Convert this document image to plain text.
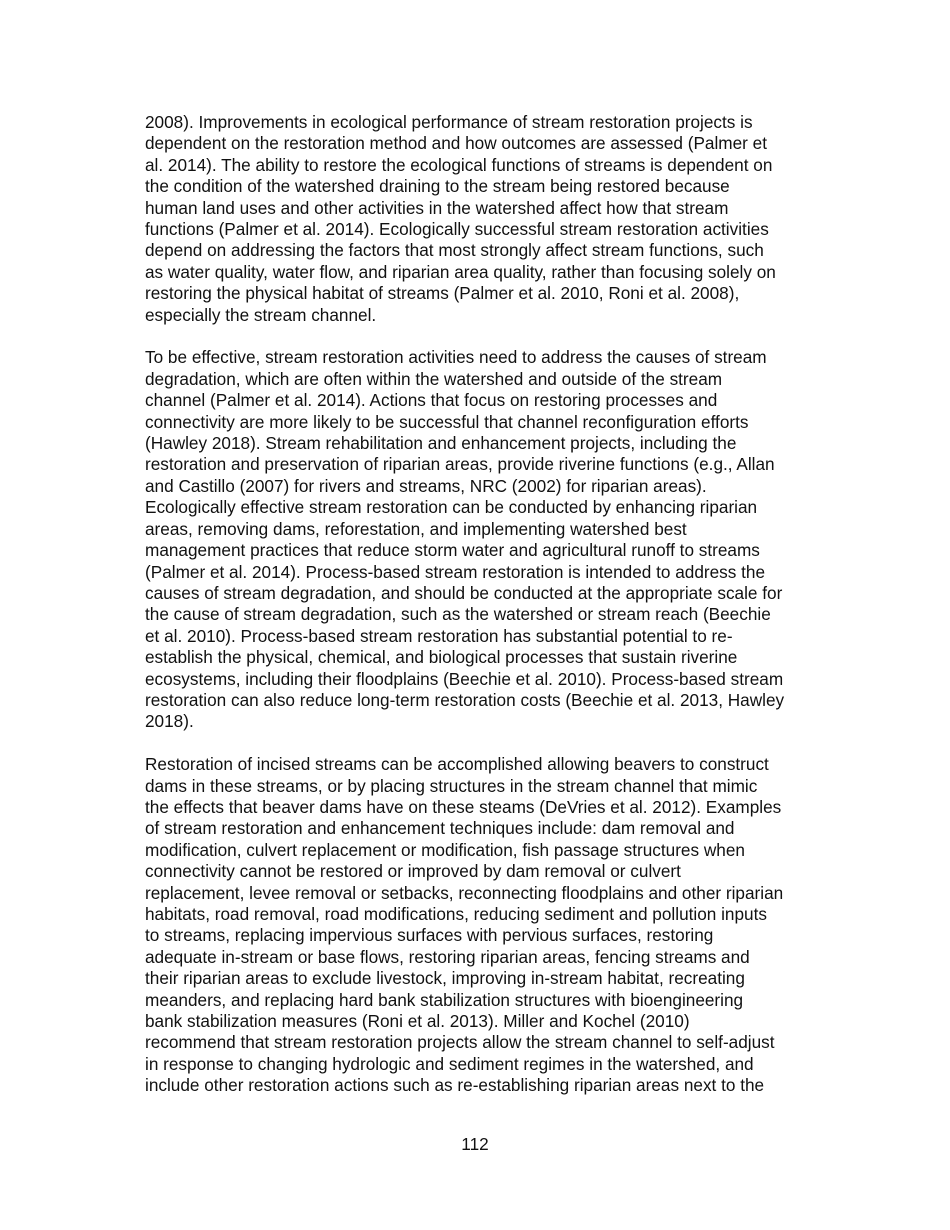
2008). Improvements in ecological performance of stream restoration projects is
dependent on the restoration method and how outcomes are assessed (Palmer et
al. 2014). The ability to restore the ecological functions of streams is dependent on
the condition of the watershed draining to the stream being restored because
human land uses and other activities in the watershed affect how that stream
functions (Palmer et al. 2014). Ecologically successful stream restoration activities
depend on addressing the factors that most strongly affect stream functions, such
as water quality, water flow, and riparian area quality, rather than focusing solely on
restoring the physical habitat of streams (Palmer et al. 2010, Roni et al. 2008),
especially the stream channel.
To be effective, stream restoration activities need to address the causes of stream
degradation, which are often within the watershed and outside of the stream
channel (Palmer et al. 2014). Actions that focus on restoring processes and
connectivity are more likely to be successful that channel reconfiguration efforts
(Hawley 2018). Stream rehabilitation and enhancement projects, including the
restoration and preservation of riparian areas, provide riverine functions (e.g., Allan
and Castillo (2007) for rivers and streams, NRC (2002) for riparian areas).
Ecologically effective stream restoration can be conducted by enhancing riparian
areas, removing dams, reforestation, and implementing watershed best
management practices that reduce storm water and agricultural runoff to streams
(Palmer et al. 2014). Process-based stream restoration is intended to address the
causes of stream degradation, and should be conducted at the appropriate scale for
the cause of stream degradation, such as the watershed or stream reach (Beechie
et al. 2010). Process-based stream restoration has substantial potential to re-
establish the physical, chemical, and biological processes that sustain riverine
ecosystems, including their floodplains (Beechie et al. 2010). Process-based stream
restoration can also reduce long-term restoration costs (Beechie et al. 2013, Hawley
2018).
Restoration of incised streams can be accomplished allowing beavers to construct
dams in these streams, or by placing structures in the stream channel that mimic
the effects that beaver dams have on these steams (DeVries et al. 2012). Examples
of stream restoration and enhancement techniques include: dam removal and
modification, culvert replacement or modification, fish passage structures when
connectivity cannot be restored or improved by dam removal or culvert
replacement, levee removal or setbacks, reconnecting floodplains and other riparian
habitats, road removal, road modifications, reducing sediment and pollution inputs
to streams, replacing impervious surfaces with pervious surfaces, restoring
adequate in-stream or base flows, restoring riparian areas, fencing streams and
their riparian areas to exclude livestock, improving in-stream habitat, recreating
meanders, and replacing hard bank stabilization structures with bioengineering
bank stabilization measures (Roni et al. 2013). Miller and Kochel (2010)
recommend that stream restoration projects allow the stream channel to self-adjust
in response to changing hydrologic and sediment regimes in the watershed, and
include other restoration actions such as re-establishing riparian areas next to the
112
